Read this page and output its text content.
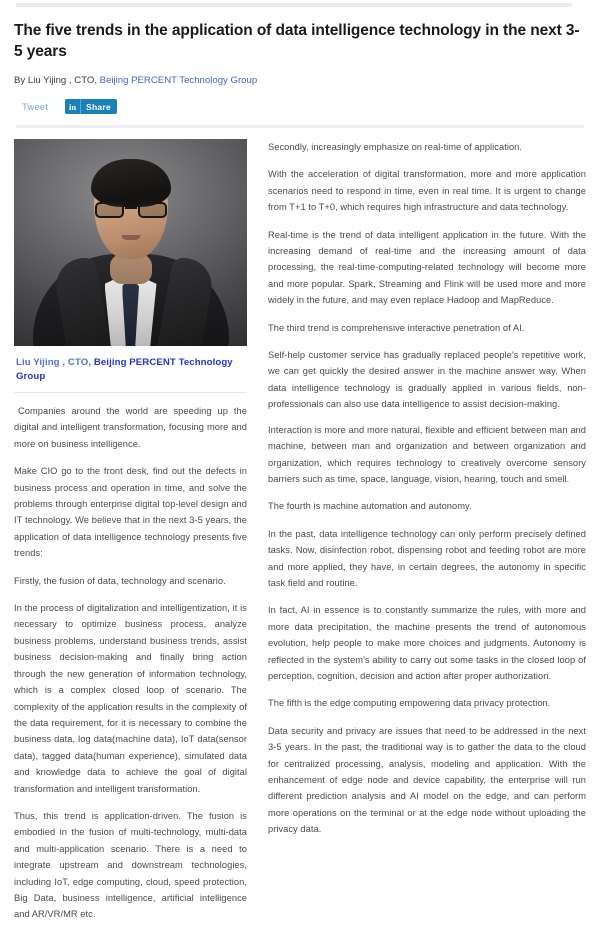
The five trends in the application of data intelligence technology in the next 3-5 years
By Liu Yijing , CTO, Beijing PERCENT Technology Group
Tweet	in	Share

Secondly, increasingly emphasize on real-time of application.

With the acceleration of digital transformation, more and more application scenarios need to respond in time, even in real time. It is urgent to change from T+1 to T+0, which requires high infrastructure and data technology.

Real-time is the trend of data intelligent application in the future. With the increasing demand of real-time and the increasing amount of data processing, the real-time-computing-related technology will become more and more popular. Spark, Streaming and Flink will be used more and more widely in the future, and may even replace Hadoop and MapReduce.

The third trend is comprehensive interactive penetration of AI.

Self-help customer service has gradually replaced people's repetitive work, we can get quickly the desired answer in the machine answer way. When data intelligence technology is gradually applied in various fields, non-professionals can also use data intelligence to assist decision-making.

Interaction is more and more natural, flexible and efficient between man and machine, between man and organization and between organization and organization, which requires technology to creatively overcome sensory barriers such as time, space, language, vision, hearing, touch and smell.

The fourth is machine automation and autonomy.

In the past, data intelligence technology can only perform precisely defined tasks. Now, disinfection robot, dispensing robot and feeding robot are more and more applied, they have, in certain degrees, the autonomy in specific task field and routine.

In fact, AI in essence is to constantly summarize the rules, with more and more data precipitation, the machine presents the trend of autonomous evolution, help people to make more choices and judgments. Autonomy is reflected in the system's ability to carry out some tasks in the closed loop of perception, cognition, decision and action after proper authorization.

The fifth is the edge computing empowering data privacy protection.

Data security and privacy are issues that need to be addressed in the next 3-5 years. In the past, the traditional way is to gather the data to the cloud for centralized processing, analysis, modeling and application. With the enhancement of edge node and device capability, the enterprise will run different prediction analysis and AI model on the edge, and can perform more operations on the terminal or at the edge node without uploading the privacy data.

Liu Yijing , CTO, Beijing PERCENT Technology Group

Companies around the world are speeding up the digital and intelligent transformation, focusing more and more on business intelligence.

Make CIO go to the front desk, find out the defects in business process and operation in time, and solve the problems through enterprise digital top-level design and IT technology. We believe that in the next 3-5 years, the application of data intelligence technology presents five trends:

Firstly, the fusion of data, technology and scenario.

In the process of digitalization and intelligentization, it is necessary to optimize business process, analyze business problems, understand business trends, assist business decision-making and finally bring action through the new generation of information technology, which is a complex closed loop of scenario. The complexity of the application results in the complexity of the data requirement, for it is necessary to combine the business data, log data(machine data), IoT data(sensor data), tagged data(human experience), simulated data and knowledge data to achieve the goal of digital transformation and intelligent transformation.

Thus, this trend is application-driven. The fusion is embodied in the fusion of multi-technology, multi-data and multi-application scenario. There is a need to integrate upstream and downstream technologies, including IoT, edge computing, cloud, speed protection, Big Data, business intelligence, artificial intelligence and AR/VR/MR etc.
